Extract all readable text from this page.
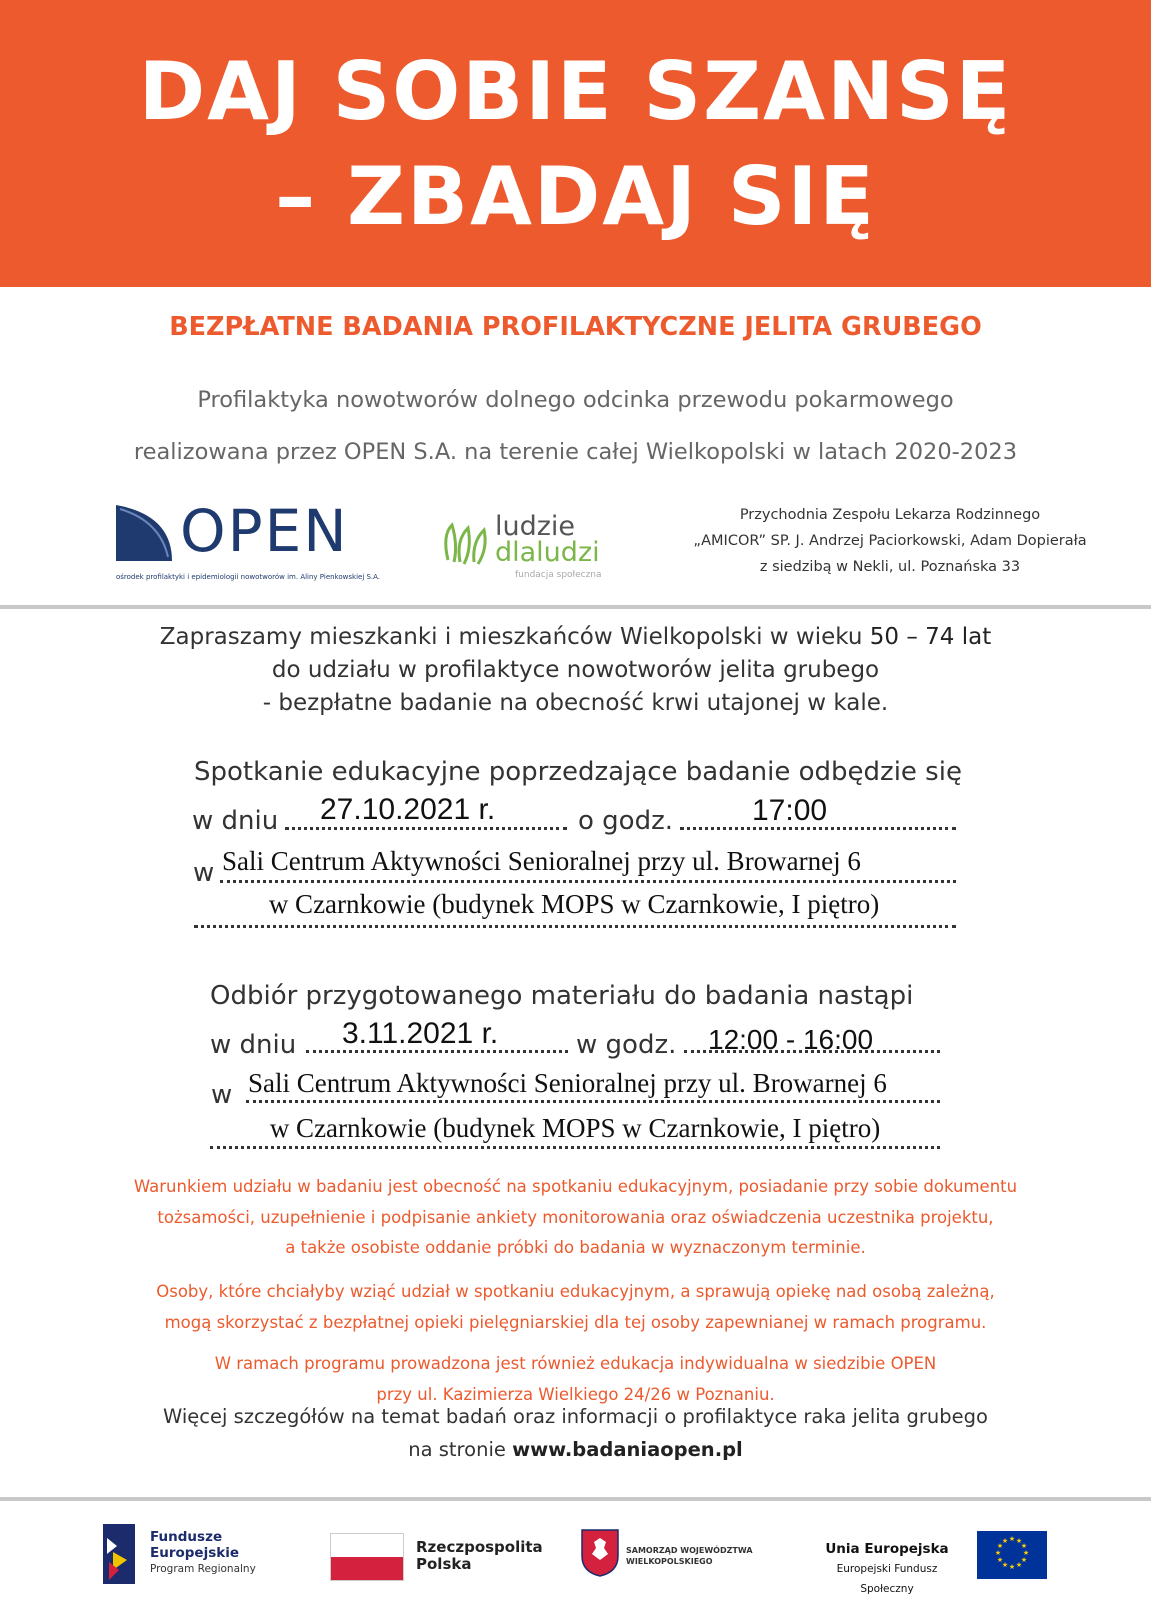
DAJ SOBIE SZANSĘ
– ZBADAJ SIĘ
BEZPŁATNE BADANIA PROFILAKTYCZNE JELITA GRUBEGO
Profilaktyka nowotworów dolnego odcinka przewodu pokarmowego
realizowana przez OPEN S.A. na terenie całej Wielkopolski w latach 2020-2023
OPEN
ośrodek profilaktyki i epidemiologii nowotworów im. Aliny Pienkowskiej S.A.
ludzie
dlaludzi
fundacja społeczna
Przychodnia Zespołu Lekarza Rodzinnego
„AMICOR” SP. J. Andrzej Paciorkowski, Adam Dopierała
z siedzibą w Nekli, ul. Poznańska 33
Zapraszamy mieszkanki i mieszkańców Wielkopolski w wieku 50 – 74 lat
do udziału w profilaktyce nowotworów jelita grubego
- bezpłatne badanie na obecność krwi utajonej w kale.
Spotkanie edukacyjne poprzedzające badanie odbędzie się
w dniu 27.10.2021 r.	o godz.	17:00
w Sali Centrum Aktywności Senioralnej przy ul. Browarnej 6
w Czarnkowie (budynek MOPS w Czarnkowie, I piętro)
Odbiór przygotowanego materiału do badania nastąpi
w dniu 3.11.2021 r.	w godz. 12:00 - 16:00
w Sali Centrum Aktywności Senioralnej przy ul. Browarnej 6
w Czarnkowie (budynek MOPS w Czarnkowie, I piętro)
Warunkiem udziału w badaniu jest obecność na spotkaniu edukacyjnym, posiadanie przy sobie dokumentu
tożsamości, uzupełnienie i podpisanie ankiety monitorowania oraz oświadczenia uczestnika projektu,
a także osobiste oddanie próbki do badania w wyznaczonym terminie.
Osoby, które chciałyby wziąć udział w spotkaniu edukacyjnym, a sprawują opiekę nad osobą zależną,
mogą skorzystać z bezpłatnej opieki pielęgniarskiej dla tej osoby zapewnianej w ramach programu.
W ramach programu prowadzona jest również edukacja indywidualna w siedzibie OPEN
przy ul. Kazimierza Wielkiego 24/26 w Poznaniu.
Więcej szczegółów na temat badań oraz informacji o profilaktyce raka jelita grubego
na stronie www.badaniaopen.pl
Fundusze
Europejskie
Program Regionalny
Rzeczpospolita
Polska
SAMORZĄD WOJEWÓDZTWA
WIELKOPOLSKIEGO
Unia Europejska
Europejski Fundusz Społeczny
★ ★
★
★
★
★
★
★
★
★
★
★
